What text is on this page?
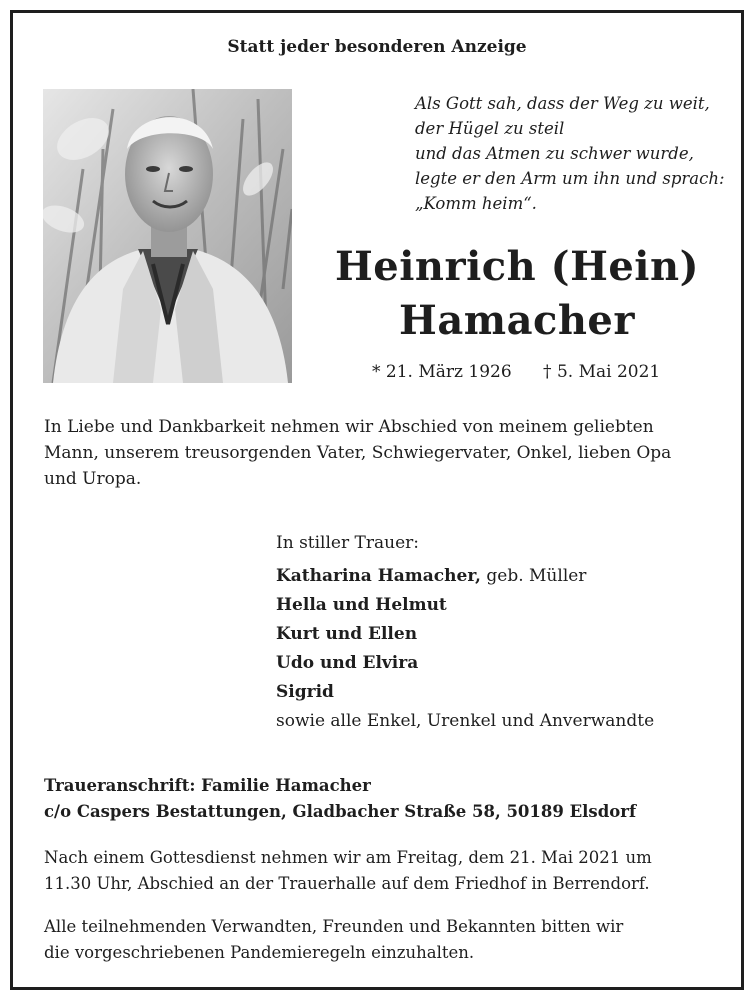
Statt jeder besonderen Anzeige
Als Gott sah, dass der Weg zu weit,
der Hügel zu steil
und das Atmen zu schwer wurde,
legte er den Arm um ihn und sprach:
„Komm heim“.
Heinrich (Hein)
Hamacher
* 21. März 1926 † 5. Mai 2021
In Liebe und Dankbarkeit nehmen wir Abschied von meinem geliebten
Mann, unserem treusorgenden Vater, Schwiegervater, Onkel, lieben Opa
und Uropa.
In stiller Trauer:
Katharina Hamacher, geb. Müller
Hella und Helmut
Kurt und Ellen
Udo und Elvira
Sigrid
sowie alle Enkel, Urenkel und Anverwandte
Traueranschrift: Familie Hamacher
c/o Caspers Bestattungen, Gladbacher Straße 58, 50189 Elsdorf
Nach einem Gottesdienst nehmen wir am Freitag, dem 21. Mai 2021 um
11.30 Uhr, Abschied an der Trauerhalle auf dem Friedhof in Berrendorf.
Alle teilnehmenden Verwandten, Freunden und Bekannten bitten wir
die vorgeschriebenen Pandemieregeln einzuhalten.
